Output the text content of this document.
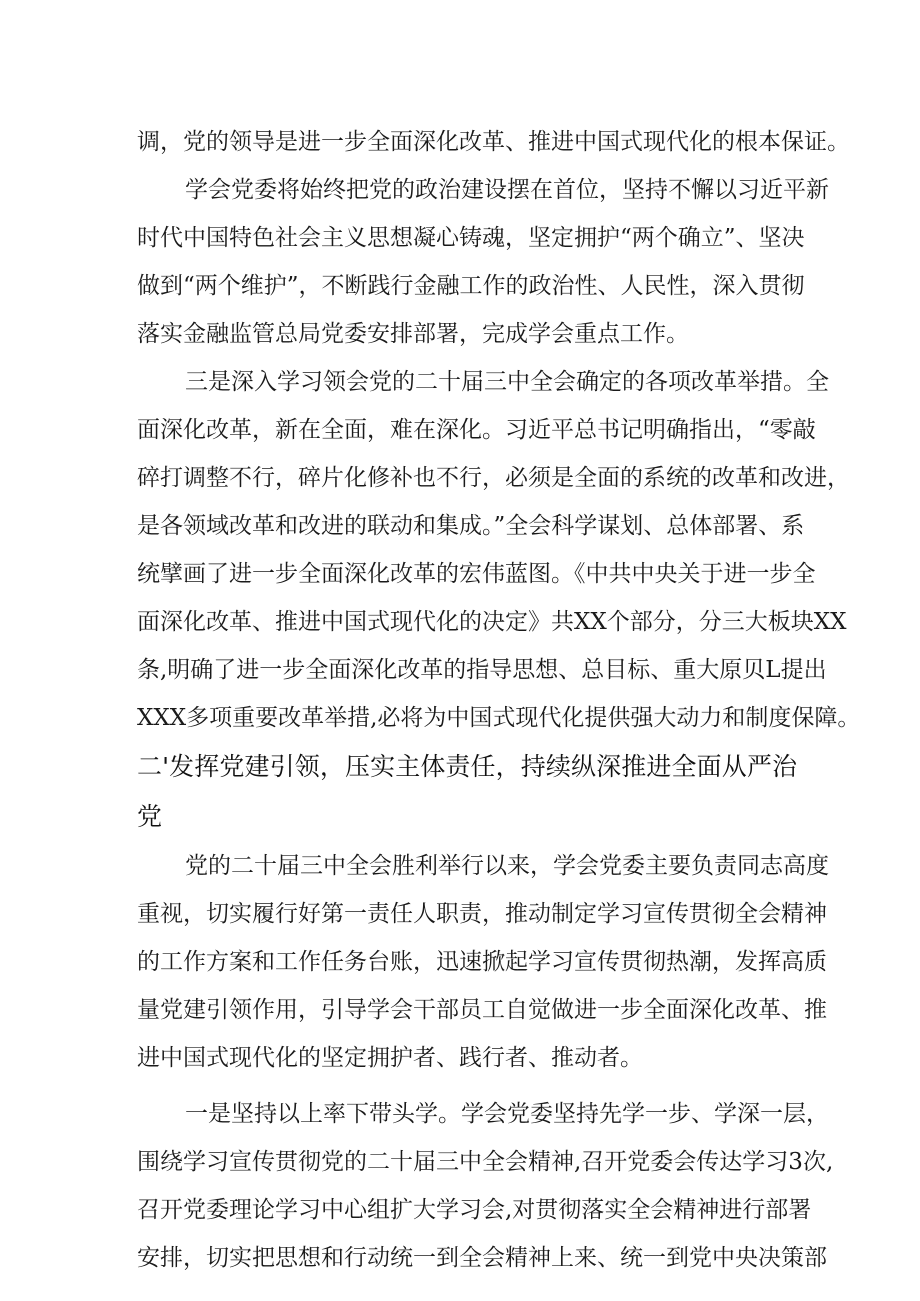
调，党的领导是进一步全面深化改革、推进中国式现代化的根本保证。
学会党委将始终把党的政治建设摆在首位，坚持不懈以习近平新
时代中国特色社会主义思想凝心铸魂，坚定拥护“两个确立”、坚决
做到“两个维护”，不断践行金融工作的政治性、人民性，深入贯彻
落实金融监管总局党委安排部署，完成学会重点工作。
三是深入学习领会党的二十届三中全会确定的各项改革举措。全
面深化改革，新在全面，难在深化。习近平总书记明确指出，“零敲
碎打调整不行，碎片化修补也不行，必须是全面的系统的改革和改进，
是各领域改革和改进的联动和集成。”全会科学谋划、总体部署、系
统擘画了进一步全面深化改革的宏伟蓝图。《中共中央关于进一步全
面深化改革、推进中国式现代化的决定》共XX个部分，分三大板块XX
条,明确了进一步全面深化改革的指导思想、总目标、重大原贝L提出
XXX多项重要改革举措,必将为中国式现代化提供强大动力和制度保障。
二'发挥党建引领，压实主体责任，持续纵深推进全面从严治
党
党的二十届三中全会胜利举行以来，学会党委主要负责同志高度
重视，切实履行好第一责任人职责，推动制定学习宣传贯彻全会精神
的工作方案和工作任务台账，迅速掀起学习宣传贯彻热潮，发挥高质
量党建引领作用，引导学会干部员工自觉做进一步全面深化改革、推
进中国式现代化的坚定拥护者、践行者、推动者。
一是坚持以上率下带头学。学会党委坚持先学一步、学深一层，
围绕学习宣传贯彻党的二十届三中全会精神,召开党委会传达学习3次,
召开党委理论学习中心组扩大学习会,对贯彻落实全会精神进行部署
安排，切实把思想和行动统一到全会精神上来、统一到党中央决策部
